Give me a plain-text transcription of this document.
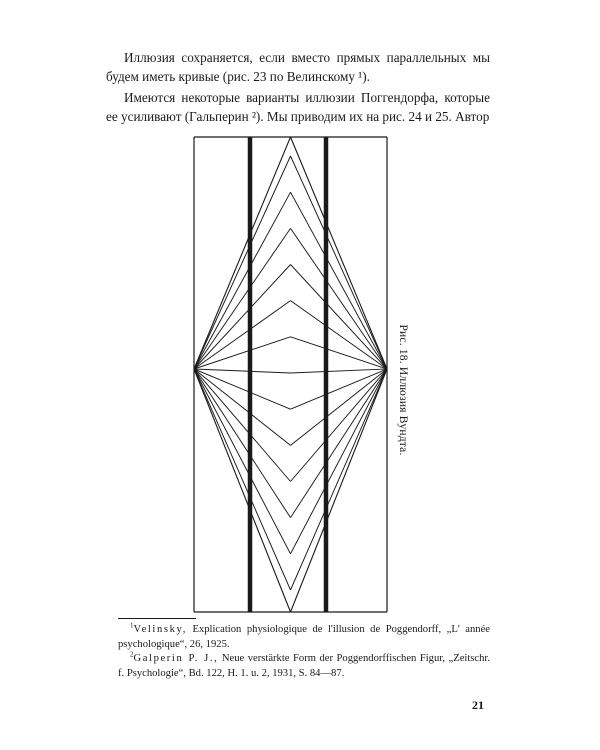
Иллюзия сохраняется, если вместо прямых параллельных мы будем иметь кривые (рис. 23 по Велинскому ¹).

Имеются некоторые варианты иллюзии Поггендорфа, которые ее усиливают (Гальперин ²). Мы приводим их на рис. 24 и 25. Автор

Рис. 18. Иллюзия Вундта.

$^1$Velinsky, Explication physiologique de l'illusion de Poggendorff, „L' année psychologique“, 26, 1925.

$^2$Galperin P. J., Neue verstärkte Form der Poggendorffischen Figur, „Zeitschr. f. Psychologie“, Bd. 122, H. 1. u. 2, 1931, S. 84—87.

21
